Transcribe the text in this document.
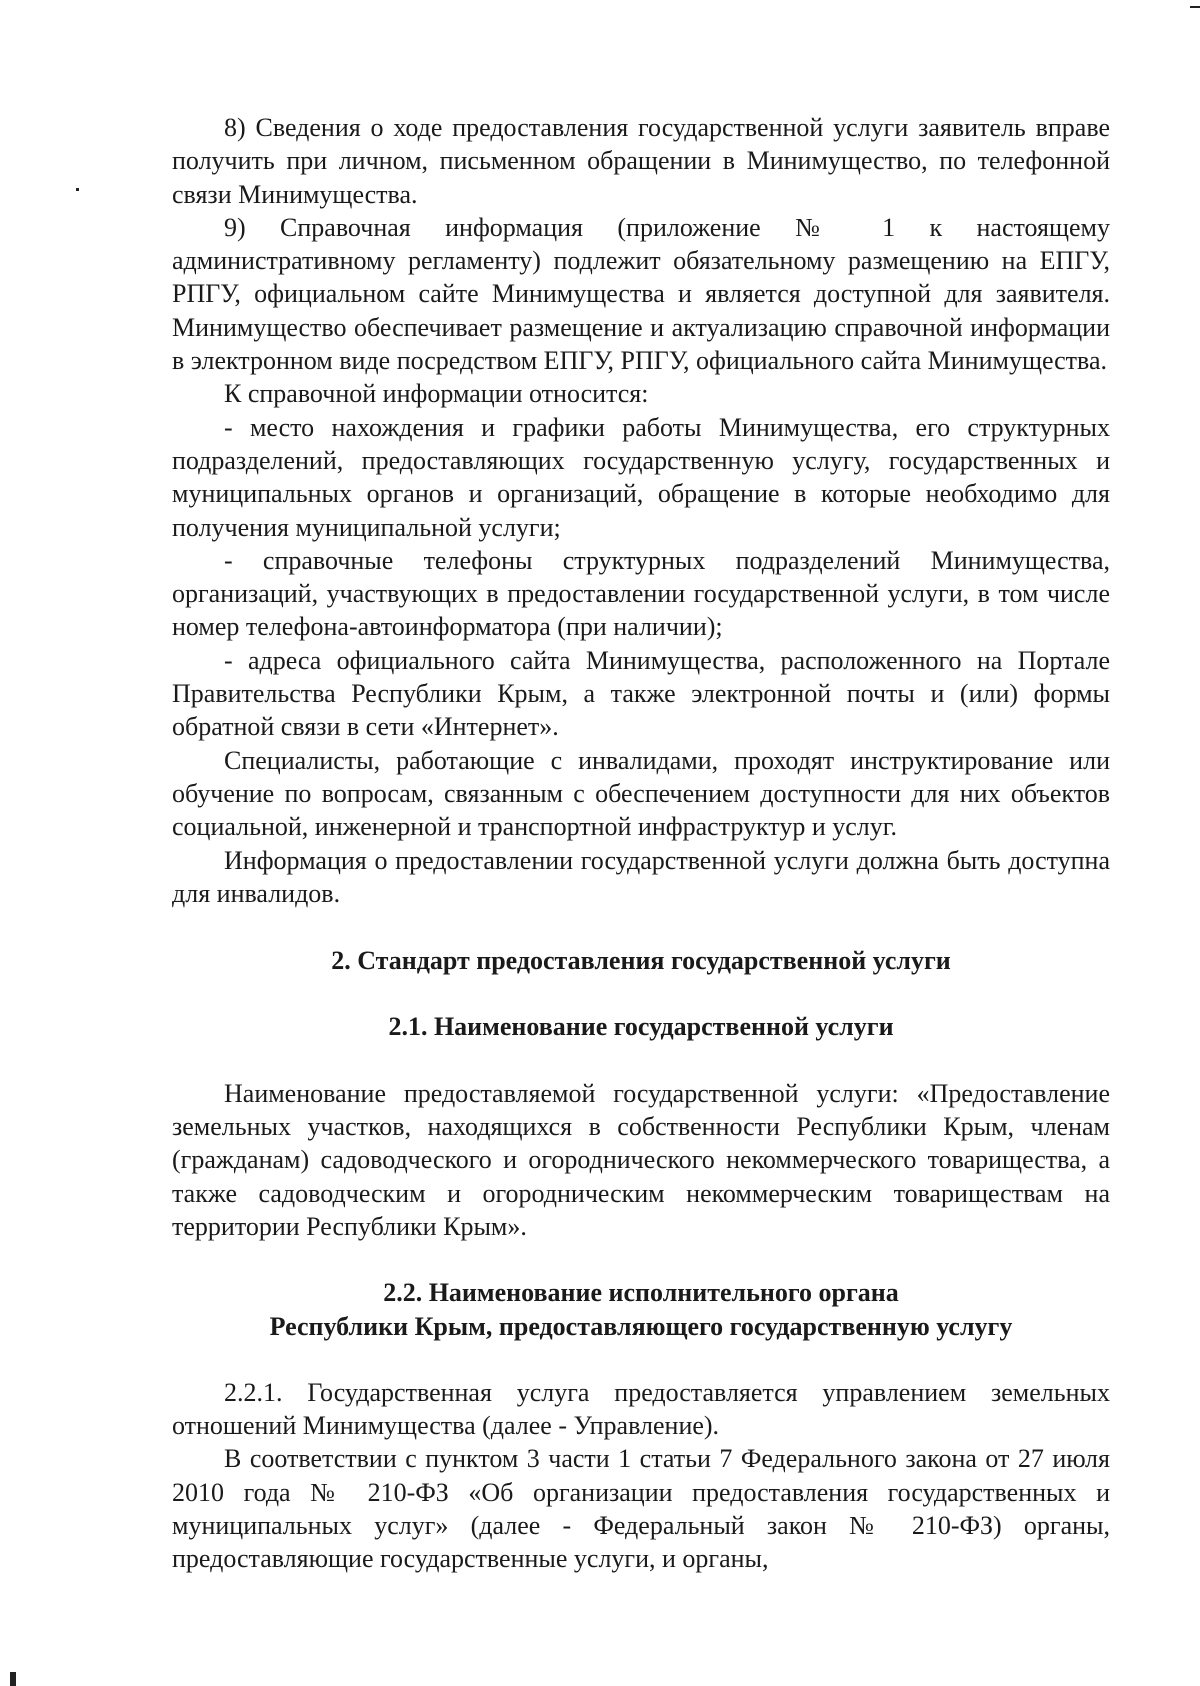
8) Сведения о ходе предоставления государственной услуги заявитель вправе получить при личном, письменном обращении в Минимущество, по телефонной связи Минимущества.

9) Справочная информация (приложение № 1 к настоящему административному регламенту) подлежит обязательному размещению на ЕПГУ, РПГУ, официальном сайте Минимущества и является доступной для заявителя. Минимущество обеспечивает размещение и актуализацию справочной информации в электронном виде посредством ЕПГУ, РПГУ, официального сайта Минимущества.

К справочной информации относится:

- место нахождения и графики работы Минимущества, его структурных подразделений, предоставляющих государственную услугу, государственных и муниципальных органов и организаций, обращение в которые необходимо для получения муниципальной услуги;

- справочные телефоны структурных подразделений Минимущества, организаций, участвующих в предоставлении государственной услуги, в том числе номер телефона-автоинформатора (при наличии);

- адреса официального сайта Минимущества, расположенного на Портале Правительства Республики Крым, а также электронной почты и (или) формы обратной связи в сети «Интернет».

Специалисты, работающие с инвалидами, проходят инструктирование или обучение по вопросам, связанным с обеспечением доступности для них объектов социальной, инженерной и транспортной инфраструктур и услуг.

Информация о предоставлении государственной услуги должна быть доступна для инвалидов.

2. Стандарт предоставления государственной услуги

2.1. Наименование государственной услуги

Наименование предоставляемой государственной услуги: «Предоставление земельных участков, находящихся в собственности Республики Крым, членам (гражданам) садоводческого и огороднического некоммерческого товарищества, а также садоводческим и огородническим некоммерческим товариществам на территории Республики Крым».

2.2. Наименование исполнительного органа

Республики Крым, предоставляющего государственную услугу

2.2.1. Государственная услуга предоставляется управлением земельных отношений Минимущества (далее - Управление).

В соответствии с пунктом 3 части 1 статьи 7 Федерального закона от 27 июля 2010 года № 210-ФЗ «Об организации предоставления государственных и муниципальных услуг» (далее - Федеральный закон № 210-ФЗ) органы, предоставляющие государственные услуги, и органы,
